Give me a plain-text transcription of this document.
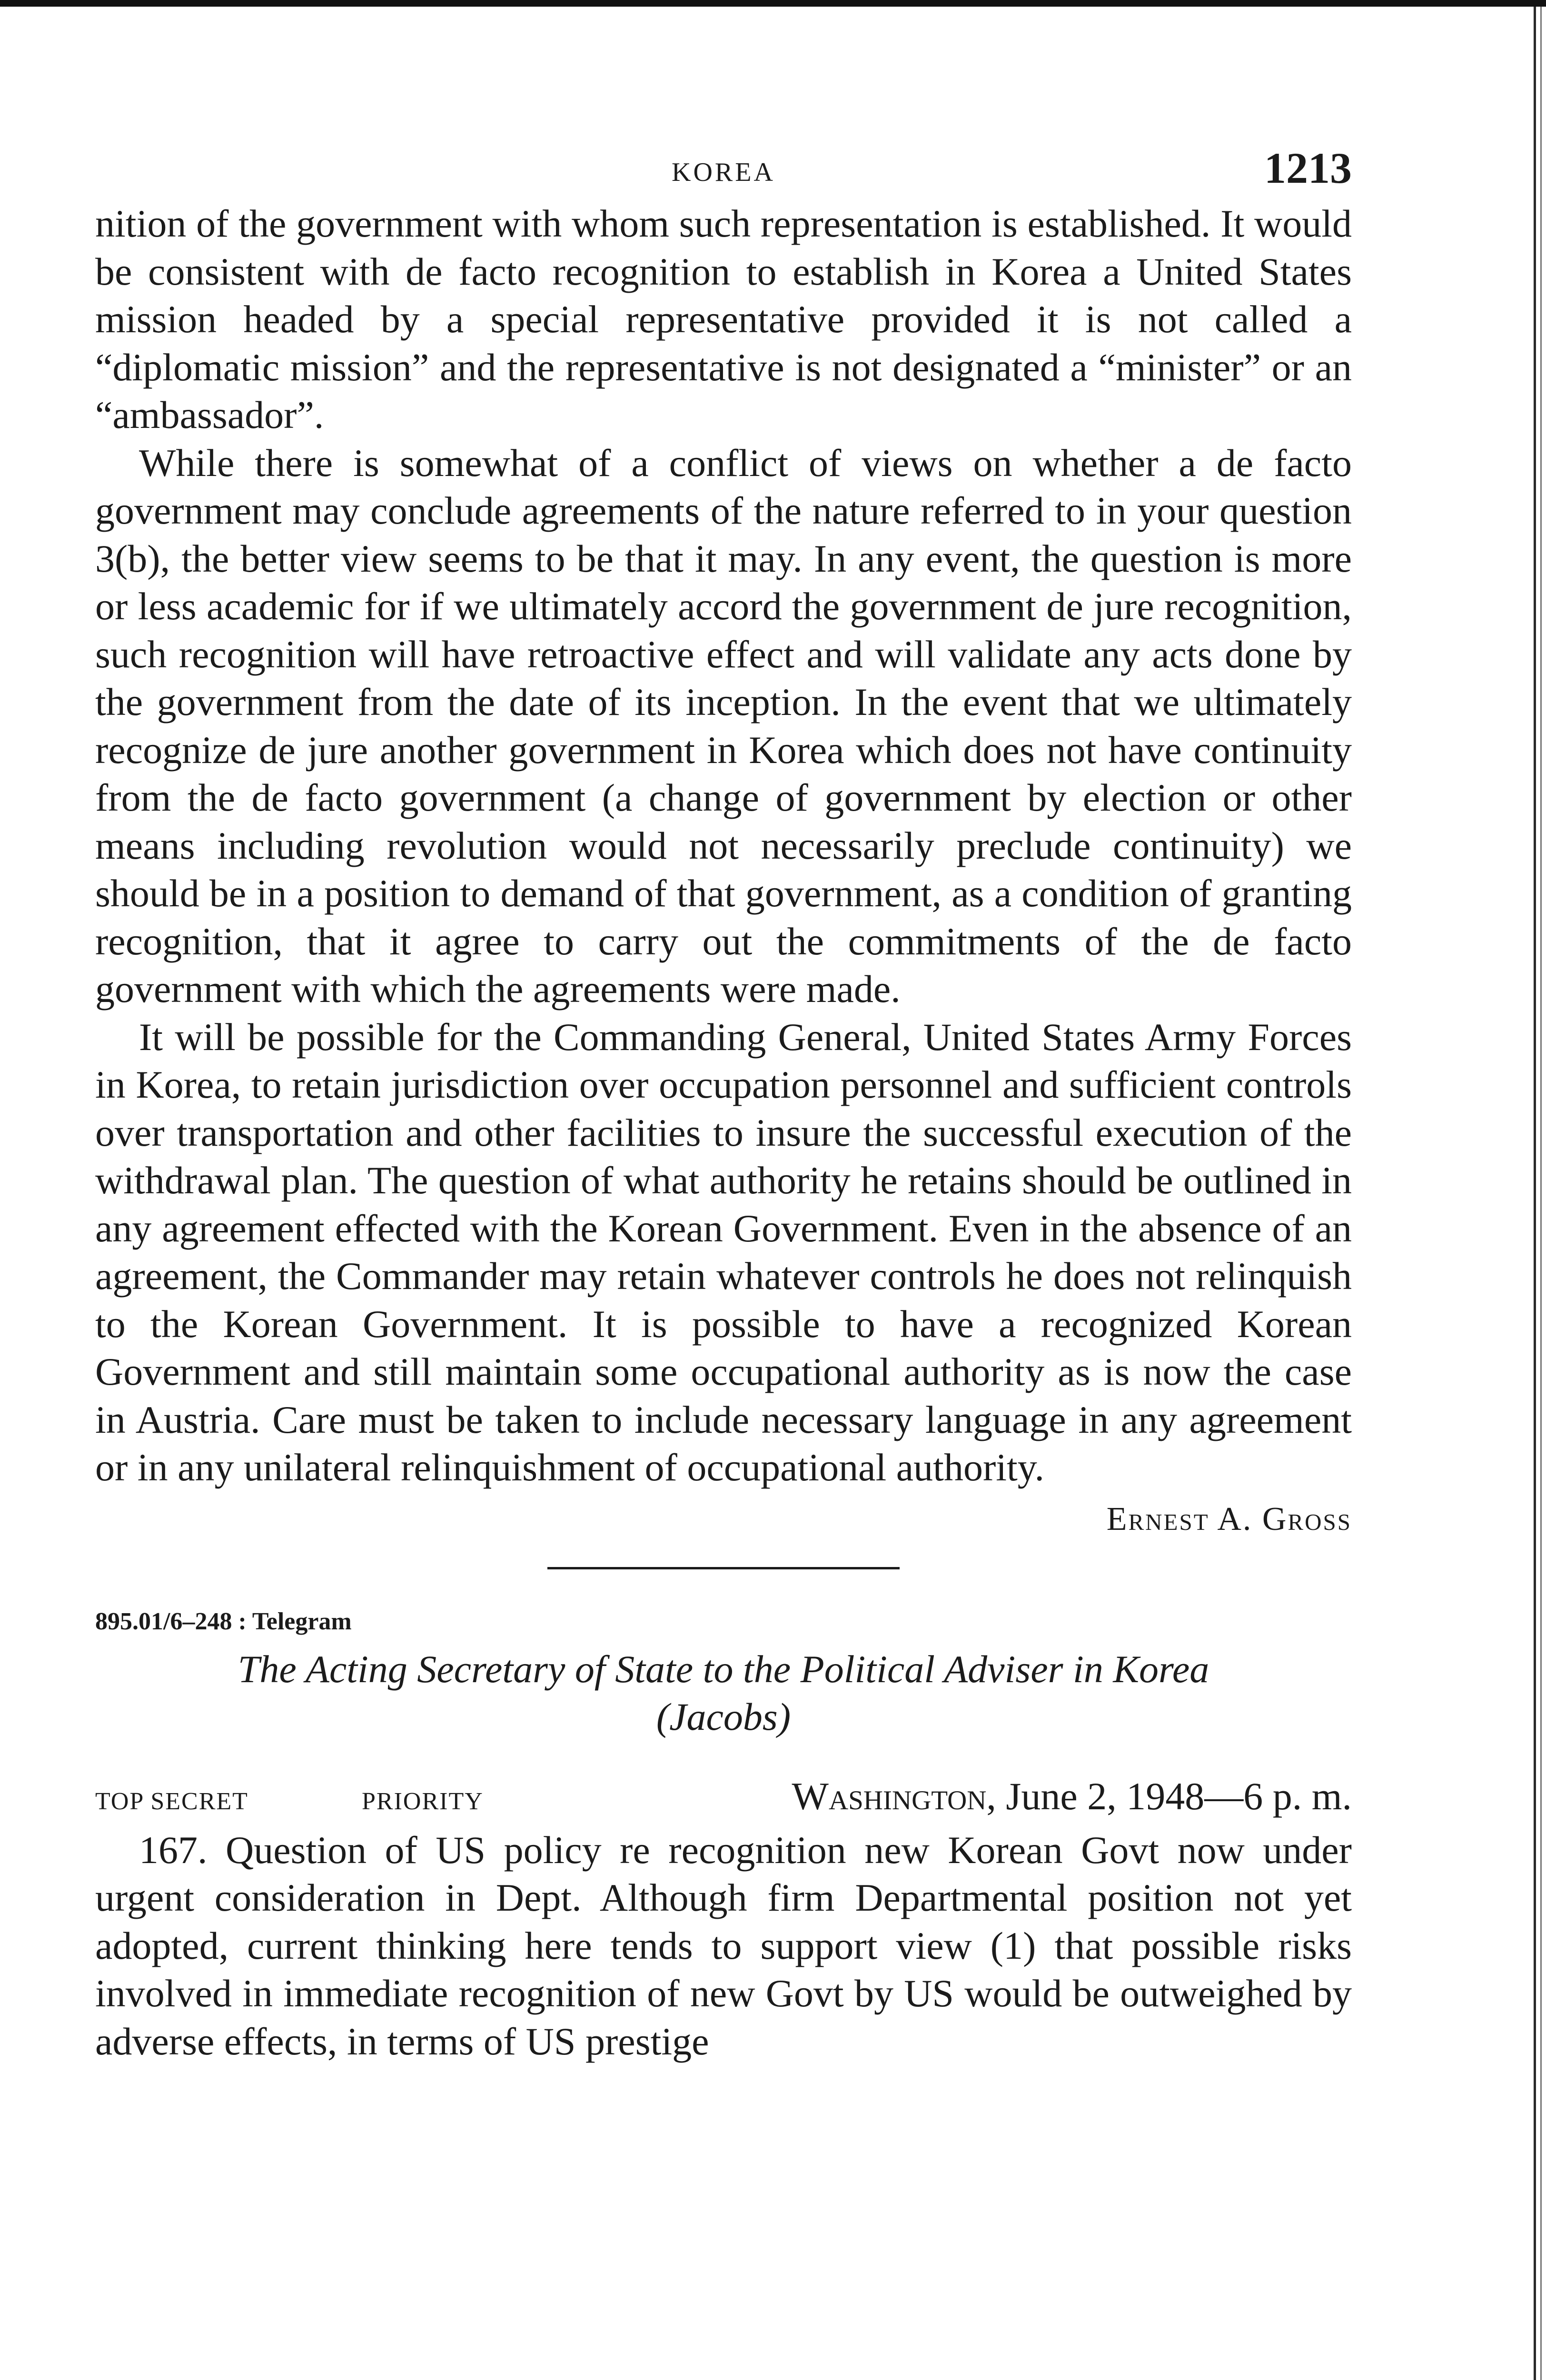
KOREA	1213

nition of the government with whom such representation is established. It would be consistent with de facto recognition to establish in Korea a United States mission headed by a special representative provided it is not called a “diplomatic mission” and the representative is not designated a “minister” or an “ambassador”.

While there is somewhat of a conflict of views on whether a de facto government may conclude agreements of the nature referred to in your question 3(b), the better view seems to be that it may. In any event, the question is more or less academic for if we ultimately accord the government de jure recognition, such recognition will have retroactive effect and will validate any acts done by the government from the date of its inception. In the event that we ultimately recognize de jure another government in Korea which does not have continuity from the de facto government (a change of government by election or other means including revolution would not necessarily preclude continuity) we should be in a position to demand of that government, as a condition of granting recognition, that it agree to carry out the commitments of the de facto government with which the agreements were made.

It will be possible for the Commanding General, United States Army Forces in Korea, to retain jurisdiction over occupation personnel and sufficient controls over transportation and other facilities to insure the successful execution of the withdrawal plan. The question of what authority he retains should be outlined in any agreement effected with the Korean Government. Even in the absence of an agreement, the Commander may retain whatever controls he does not relinquish to the Korean Government. It is possible to have a recognized Korean Government and still maintain some occupational authority as is now the case in Austria. Care must be taken to include necessary language in any agreement or in any unilateral relinquishment of occupational authority.

Ernest A. Gross
895.01/6–248 : Telegram
The Acting Secretary of State to the Political Adviser in Korea
(Jacobs)
TOP SECRET	PRIORITY	Washington, June 2, 1948—6 p. m.

167. Question of US policy re recognition new Korean Govt now under urgent consideration in Dept. Although firm Departmental position not yet adopted, current thinking here tends to support view (1) that possible risks involved in immediate recognition of new Govt by US would be outweighed by adverse effects, in terms of US prestige
